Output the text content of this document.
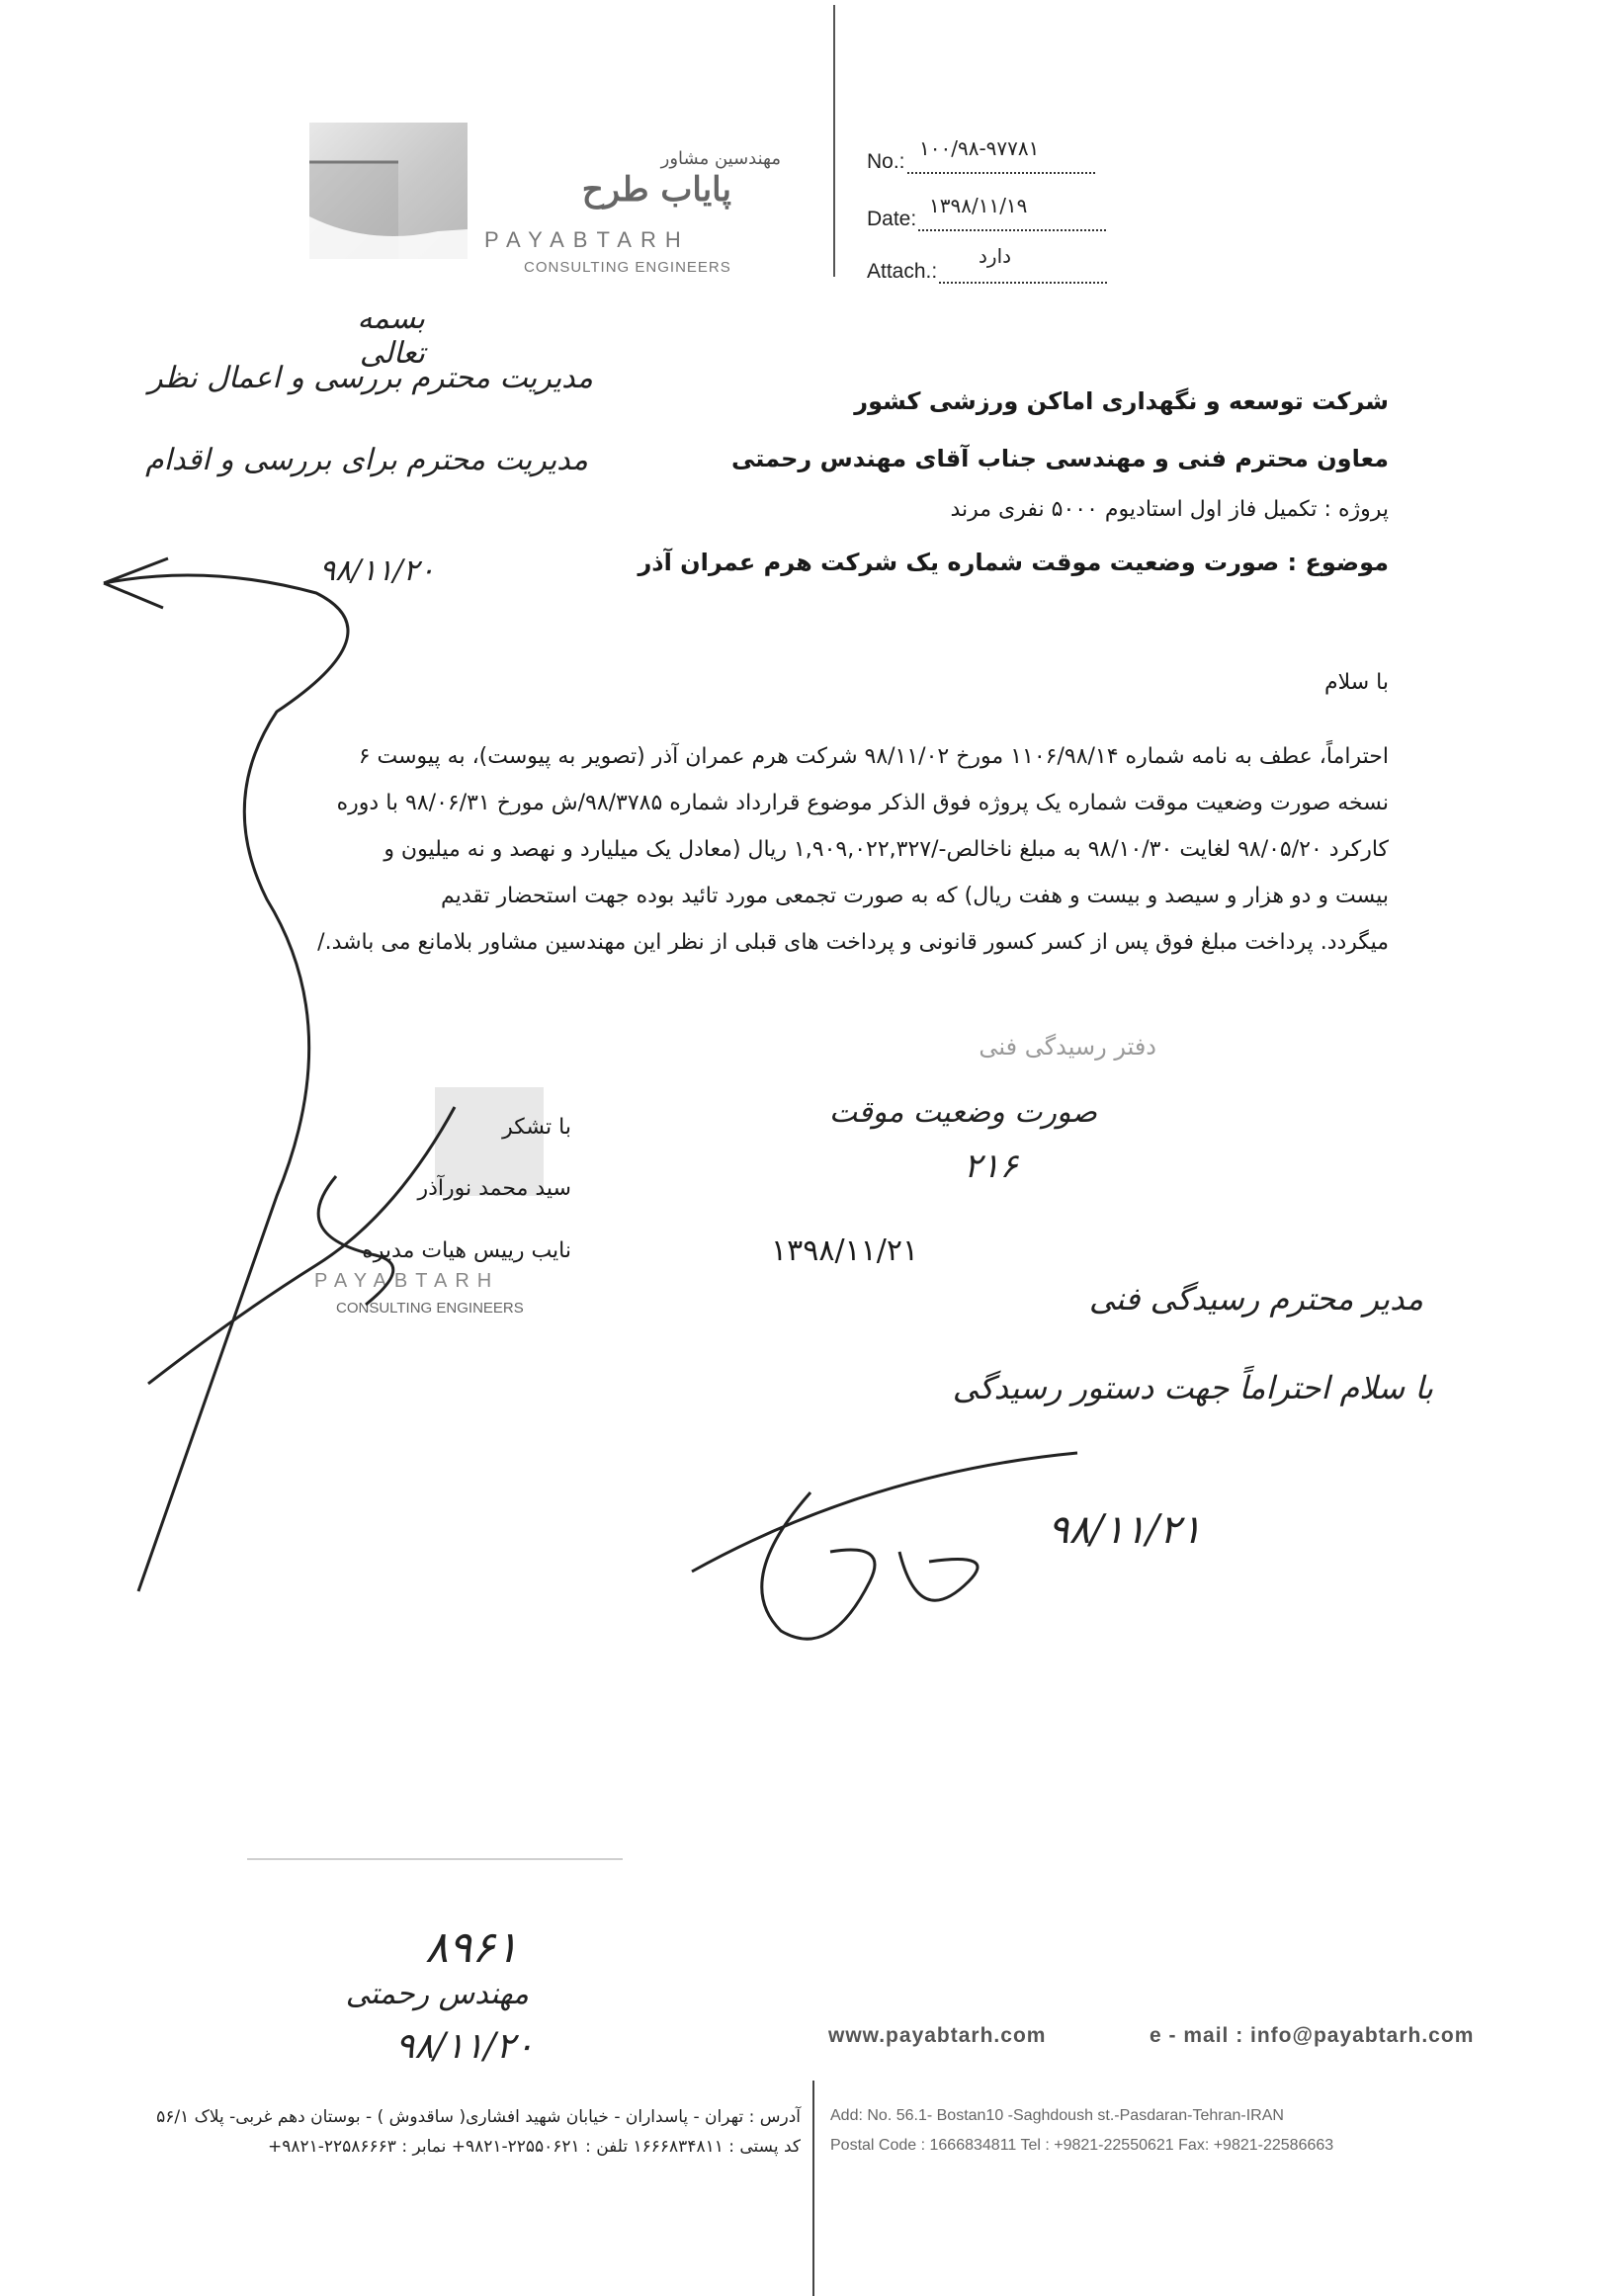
مهندسین مشاور
پایاب طرح
PAYABTARH
CONSULTING ENGINEERS
No.:
۱۰۰/۹۸-۹۷۷۸۱
Date:
۱۳۹۸/۱۱/۱۹
Attach.:
دارد
بسمه تعالی
مدیریت محترم بررسی و اعمال نظر
مدیریت محترم برای بررسی و اقدام
۹۸/۱۱/۲۰
شرکت توسعه و نگهداری اماکن ورزشی کشور
معاون محترم فنی و مهندسی جناب آقای مهندس رحمتی
پروژه : تکمیل فاز اول استادیوم ۵۰۰۰ نفری مرند
موضوع : صورت وضعیت موقت شماره یک شرکت هرم عمران آذر
با سلام
احتراماً، عطف به نامه شماره ۱۱۰۶/۹۸/۱۴ مورخ ۹۸/۱۱/۰۲ شرکت هرم عمران آذر (تصویر به پیوست)، به پیوست ۶
نسخه صورت وضعیت موقت شماره یک پروژه فوق الذکر موضوع قرارداد شماره ۹۸/۳۷۸۵/ش مورخ ۹۸/۰۶/۳۱ با دوره
کارکرد ۹۸/۰۵/۲۰ لغایت ۹۸/۱۰/۳۰ به مبلغ ناخالص-/۱,۹۰۹,۰۲۲,۳۲۷ ریال (معادل یک میلیارد و نهصد و نه میلیون و
بیست و دو هزار و سیصد و بیست و هفت ریال) که به صورت تجمعی مورد تائید بوده جهت استحضار تقدیم
میگردد. پرداخت مبلغ فوق پس از کسر کسور قانونی و پرداخت های قبلی از نظر این مهندسین مشاور بلامانع می باشد./
دفتر رسیدگی فنی
صورت وضعیت موقت
۲۱۶
۱۳۹۸/۱۱/۲۱
با تشکر
سید محمد نورآذر
نایب رییس هیات مدیره
PAYABTARH
CONSULTING ENGINEERS	مدیر محترم رسیدگی فنی
با سلام احتراماً جهت دستور رسیدگی
۹۸/۱۱/۲۱
۸۹۶۱
مهندس رحمتی
۹۸/۱۱/۲۰	www.payabtarh.com	e - mail : info@payabtarh.com
Add: No. 56.1- Bostan10 -Saghdoush st.-Pasdaran-Tehran-IRAN
Postal Code : 1666834811 Tel : +9821-22550621 Fax: +9821-22586663
آدرس : تهران - پاسداران - خیابان شهید افشاری( ساقدوش ) - بوستان دهم غربی- پلاک ۵۶/۱
کد پستی : ۱۶۶۶۸۳۴۸۱۱ تلفن : ۲۲۵۵۰۶۲۱-۹۸۲۱+ نمابر : ۲۲۵۸۶۶۶۳-۹۸۲۱+
